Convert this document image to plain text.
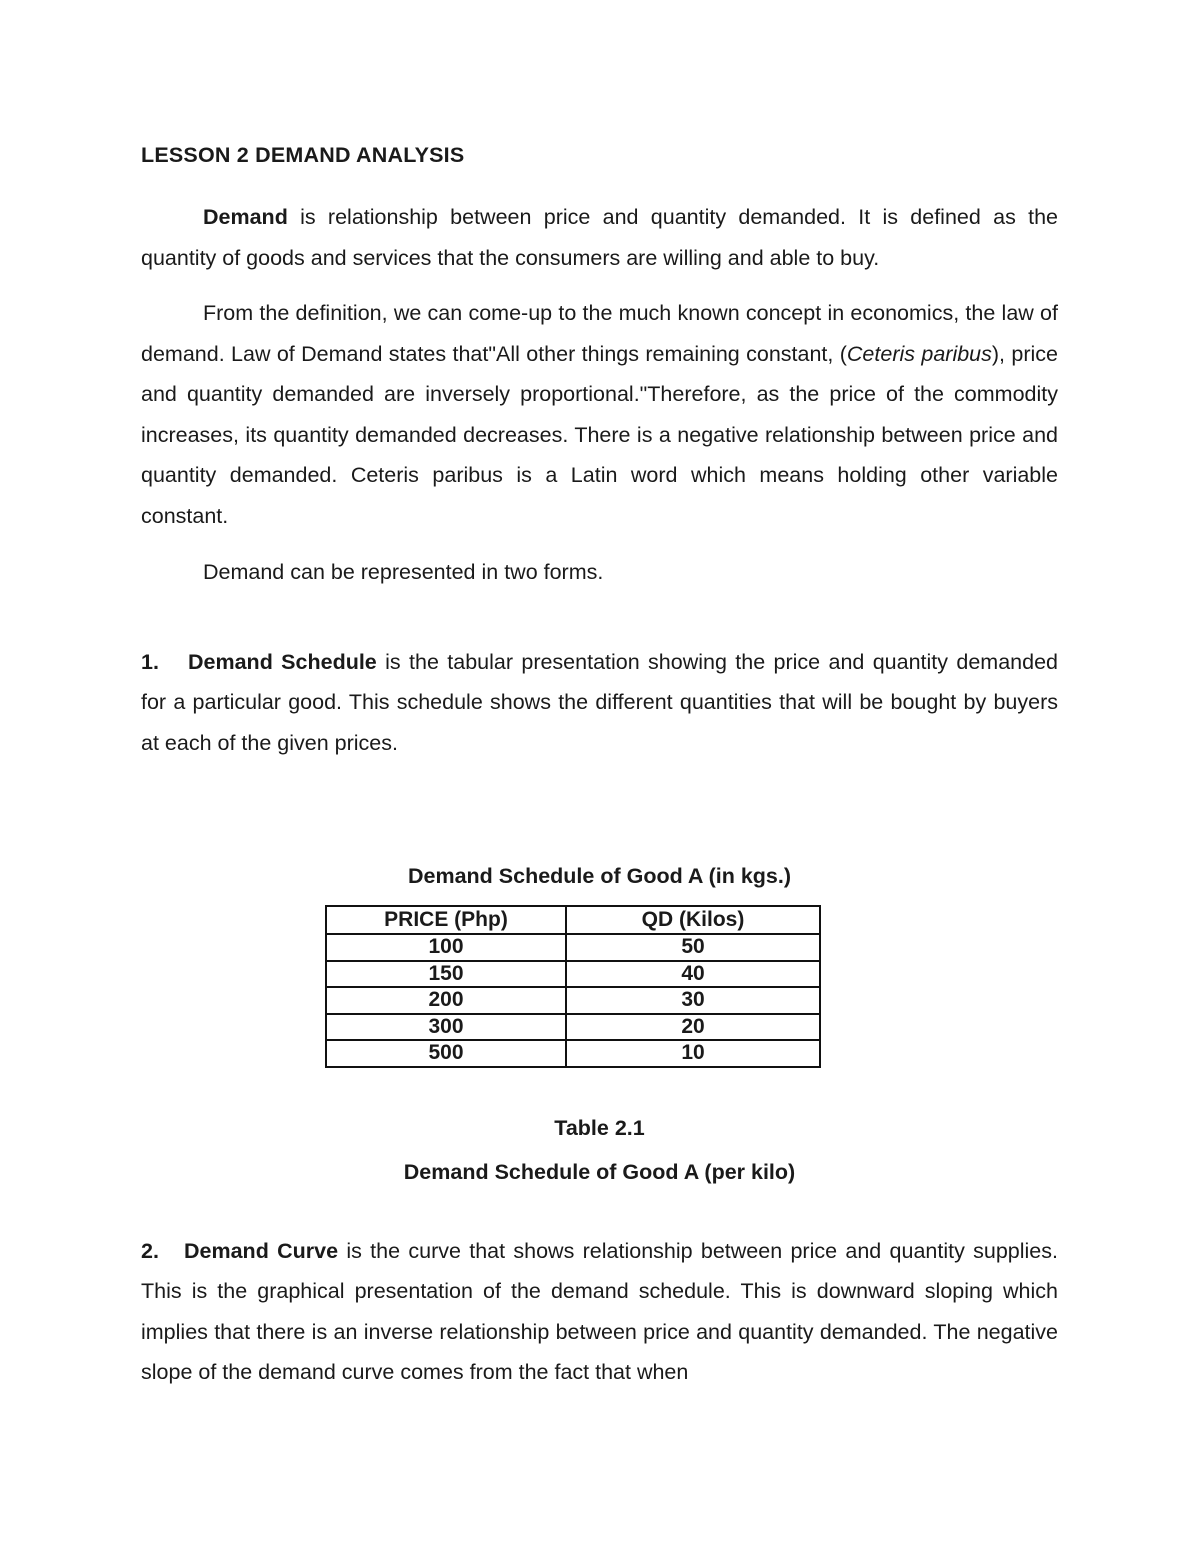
LESSON 2 DEMAND ANALYSIS

Demand is relationship between price and quantity demanded. It is defined as the quantity of goods and services that the consumers are willing and able to buy.

From the definition, we can come-up to the much known concept in economics, the law of demand. Law of Demand states that"All other things remaining constant, (Ceteris paribus), price and quantity demanded are inversely proportional."Therefore, as the price of the commodity increases, its quantity demanded decreases. There is a negative relationship between price and quantity demanded. Ceteris paribus is a Latin word which means holding other variable constant.

Demand can be represented in two forms.

1. Demand Schedule is the tabular presentation showing the price and quantity demanded for a particular good. This schedule shows the different quantities that will be bought by buyers at each of the given prices.

Demand Schedule of Good A (in kgs.)
PRICE (Php)	QD (Kilos)
100	50
150	40
200	30
300	20
500	10
Table 2.1
Demand Schedule of Good A (per kilo)

2. Demand Curve is the curve that shows relationship between price and quantity supplies. This is the graphical presentation of the demand schedule. This is downward sloping which implies that there is an inverse relationship between price and quantity demanded. The negative slope of the demand curve comes from the fact that when
